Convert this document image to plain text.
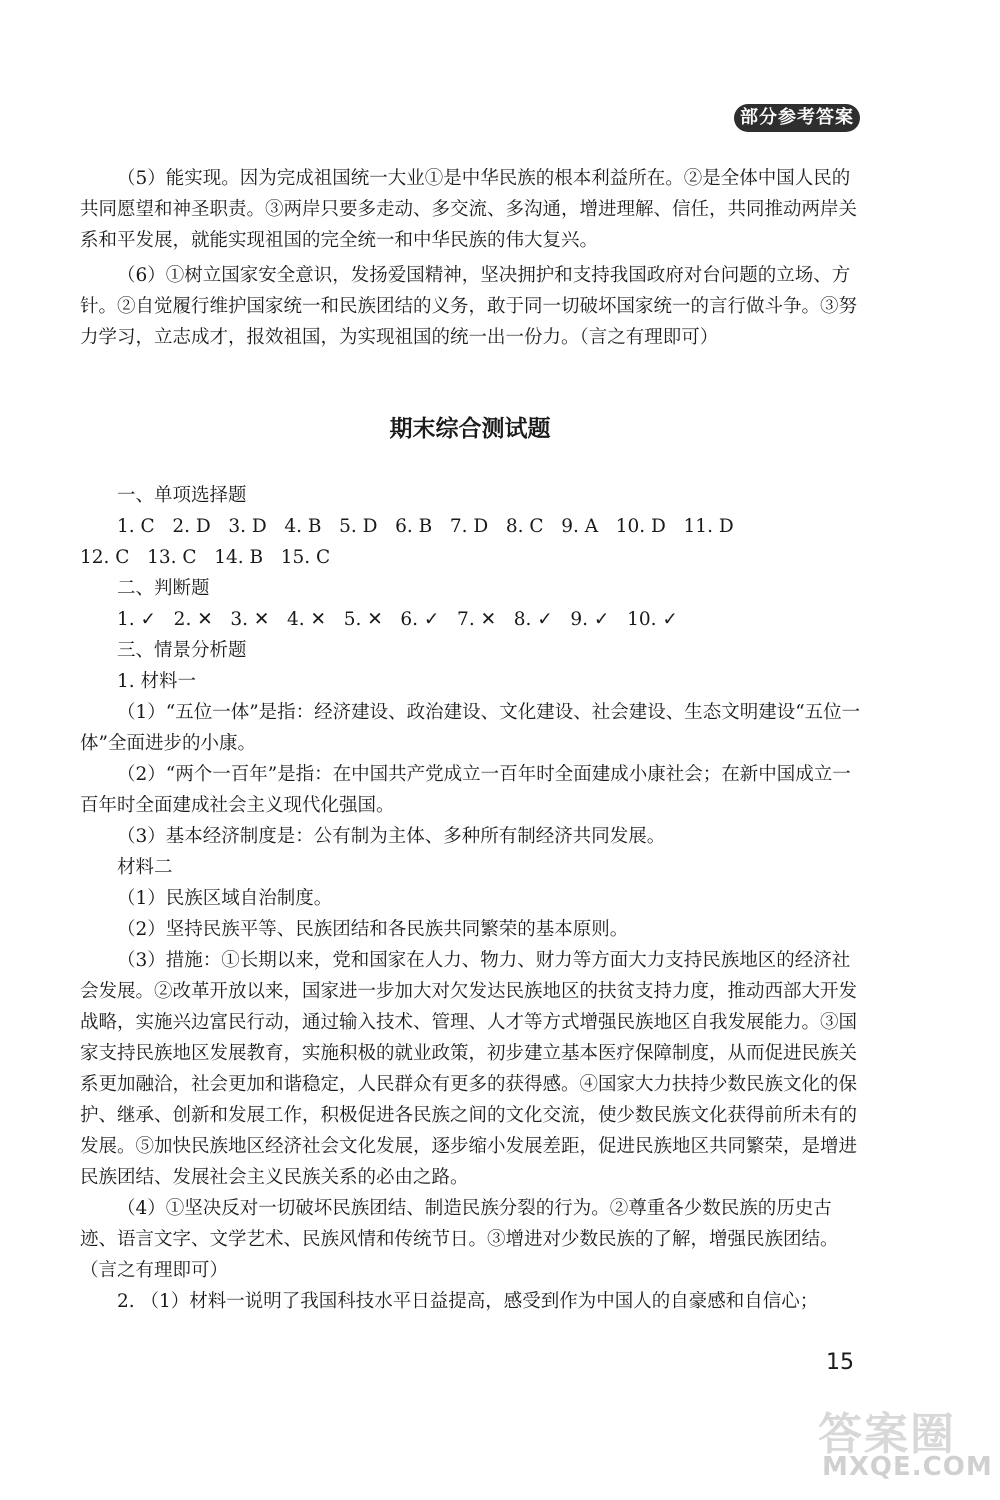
部分参考答案

（5）能实现。因为完成祖国统一大业①是中华民族的根本利益所在。②是全体中国人民的共同愿望和神圣职责。③两岸只要多走动、多交流、多沟通，增进理解、信任，共同推动两岸关系和平发展，就能实现祖国的完全统一和中华民族的伟大复兴。

（6）①树立国家安全意识，发扬爱国精神，坚决拥护和支持我国政府对台问题的立场、方针。②自觉履行维护国家统一和民族团结的义务，敢于同一切破坏国家统一的言行做斗争。③努力学习，立志成才，报效祖国，为实现祖国的统一出一份力。（言之有理即可）

期末综合测试题

一、单项选择题

1. C   2. D   3. D   4. B   5. D   6. B   7. D   8. C   9. A   10. D   11. D

12. C   13. C   14. B   15. C

二、判断题

1. ✓   2. ✕   3. ✕   4. ✕   5. ✕   6. ✓   7. ✕   8. ✓   9. ✓   10. ✓

三、情景分析题

1. 材料一

（1）“五位一体”是指：经济建设、政治建设、文化建设、社会建设、生态文明建设“五位一体”全面进步的小康。

（2）“两个一百年”是指：在中国共产党成立一百年时全面建成小康社会；在新中国成立一百年时全面建成社会主义现代化强国。

（3）基本经济制度是：公有制为主体、多种所有制经济共同发展。

材料二

（1）民族区域自治制度。

（2）坚持民族平等、民族团结和各民族共同繁荣的基本原则。

（3）措施：①长期以来，党和国家在人力、物力、财力等方面大力支持民族地区的经济社会发展。②改革开放以来，国家进一步加大对欠发达民族地区的扶贫支持力度，推动西部大开发战略，实施兴边富民行动，通过输入技术、管理、人才等方式增强民族地区自我发展能力。③国家支持民族地区发展教育，实施积极的就业政策，初步建立基本医疗保障制度，从而促进民族关系更加融洽，社会更加和谐稳定，人民群众有更多的获得感。④国家大力扶持少数民族文化的保护、继承、创新和发展工作，积极促进各民族之间的文化交流，使少数民族文化获得前所未有的发展。⑤加快民族地区经济社会文化发展，逐步缩小发展差距，促进民族地区共同繁荣，是增进民族团结、发展社会主义民族关系的必由之路。

（4）①坚决反对一切破坏民族团结、制造民族分裂的行为。②尊重各少数民族的历史古迹、语言文字、文学艺术、民族风情和传统节日。③增进对少数民族的了解，增强民族团结。（言之有理即可）

2. （1）材料一说明了我国科技水平日益提高，感受到作为中国人的自豪感和自信心；

15
答案圈
MXQE.COM
